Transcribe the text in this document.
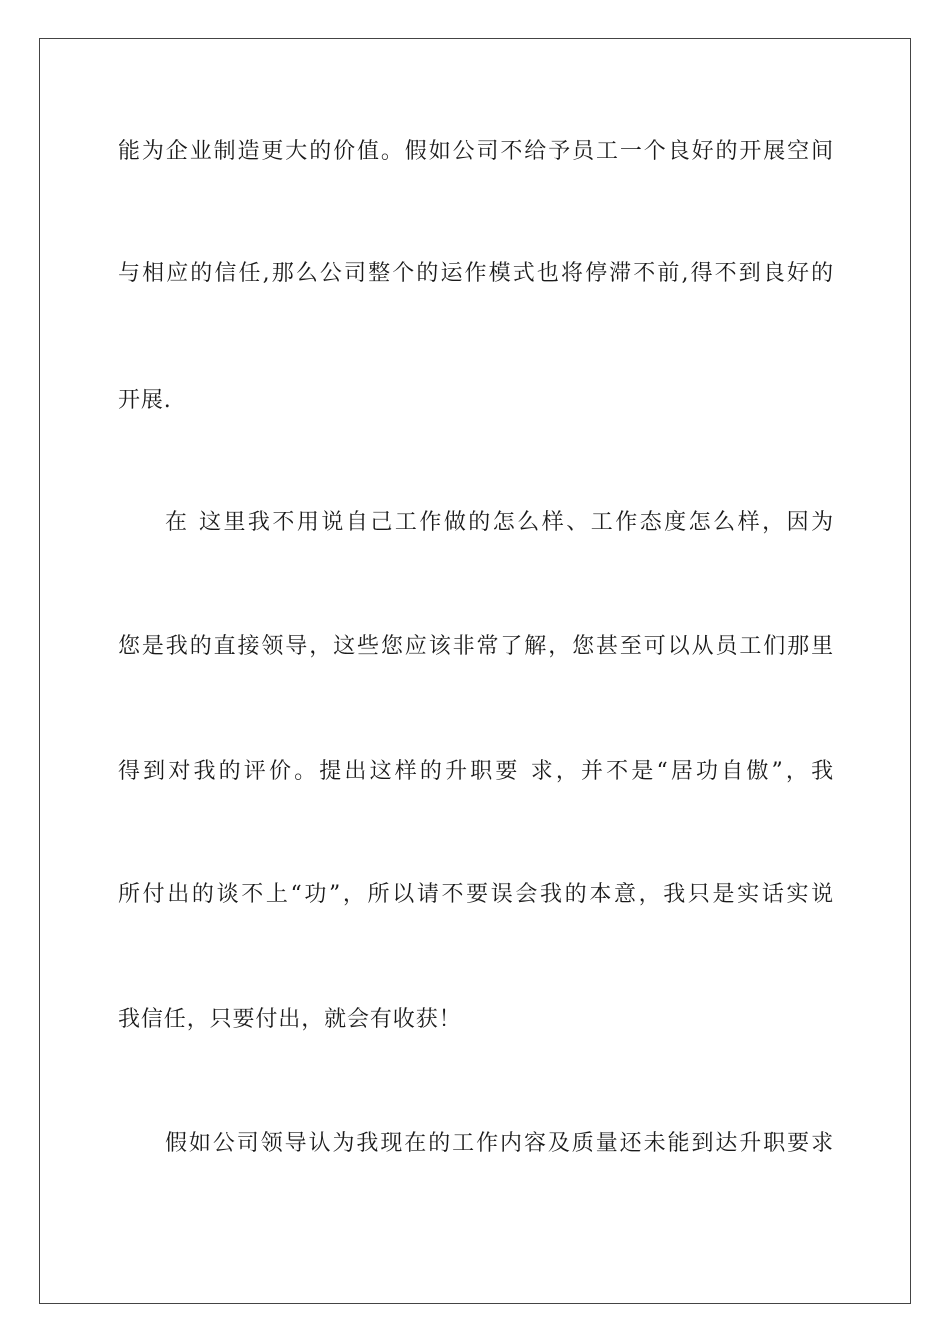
能为企业制造更大的价值。假如公司不给予员工一个良好的开展空间
与相应的信任,那么公司整个的运作模式也将停滞不前,得不到良好的
开展.
在 这里我不用说自己工作做的怎么样、工作态度怎么样，因为
您是我的直接领导，这些您应该非常了解，您甚至可以从员工们那里
得到对我的评价。提出这样的升职要 求，并不是“居功自傲”，我
所付出的谈不上“功”，所以请不要误会我的本意，我只是实话实说
我信任，只要付出，就会有收获！
假如公司领导认为我现在的工作内容及质量还未能到达升职要求
